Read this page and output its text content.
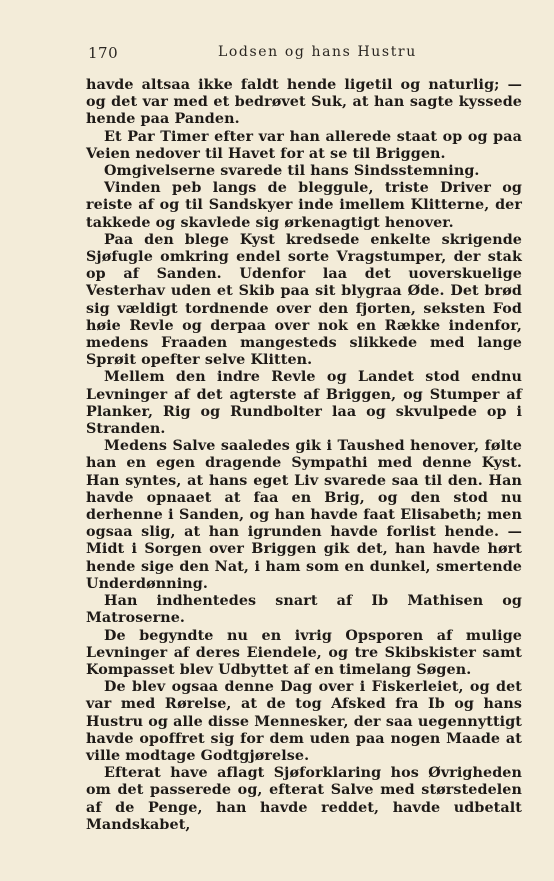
170	Lodsen og hans Hustru

havde altsaa ikke faldt hende ligetil og naturlig; — og det var med et bedrøvet Suk, at han sagte kyssede hende paa Panden.

Et Par Timer efter var han allerede staat op og paa Veien nedover til Havet for at se til Briggen.

Omgivelserne svarede til hans Sindsstemning.

Vinden peb langs de bleggule, triste Driver og reiste af og til Sandskyer inde imellem Klitterne, der takkede og skavlede sig ørkenagtigt henover.

Paa den blege Kyst kredsede enkelte skrigende Sjøfugle omkring endel sorte Vragstumper, der stak op af Sanden. Udenfor laa det uoverskuelige Vesterhav uden et Skib paa sit blygraa Øde. Det brød sig vældigt tordnende over den fjorten, seksten Fod høie Revle og derpaa over nok en Række indenfor, medens Fraaden mangesteds slikkede med lange Sprøit opefter selve Klitten.

Mellem den indre Revle og Landet stod endnu Levninger af det agterste af Briggen, og Stumper af Planker, Rig og Rundbolter laa og skvulpede op i Stranden.

Medens Salve saaledes gik i Taushed henover, følte han en egen dragende Sympathi med denne Kyst. Han syntes, at hans eget Liv svarede saa til den. Han havde opnaaet at faa en Brig, og den stod nu derhenne i Sanden, og han havde faat Elisabeth; men ogsaa slig, at han igrunden havde forlist hende. — Midt i Sorgen over Briggen gik det, han havde hørt hende sige den Nat, i ham som en dunkel, smertende Underdønning.

Han indhentedes snart af Ib Mathisen og Matroserne.

De begyndte nu en ivrig Opsporen af mulige Levninger af deres Eiendele, og tre Skibskister samt Kompasset blev Udbyttet af en timelang Søgen.

De blev ogsaa denne Dag over i Fiskerleiet, og det var med Rørelse, at de tog Afsked fra Ib og hans Hustru og alle disse Mennesker, der saa uegennyttigt havde opoffret sig for dem uden paa nogen Maade at ville modtage Godtgjørelse.

Efterat have aflagt Sjøforklaring hos Øvrigheden om det passerede og, efterat Salve med størstedelen af de Penge, han havde reddet, havde udbetalt Mandskabet,
